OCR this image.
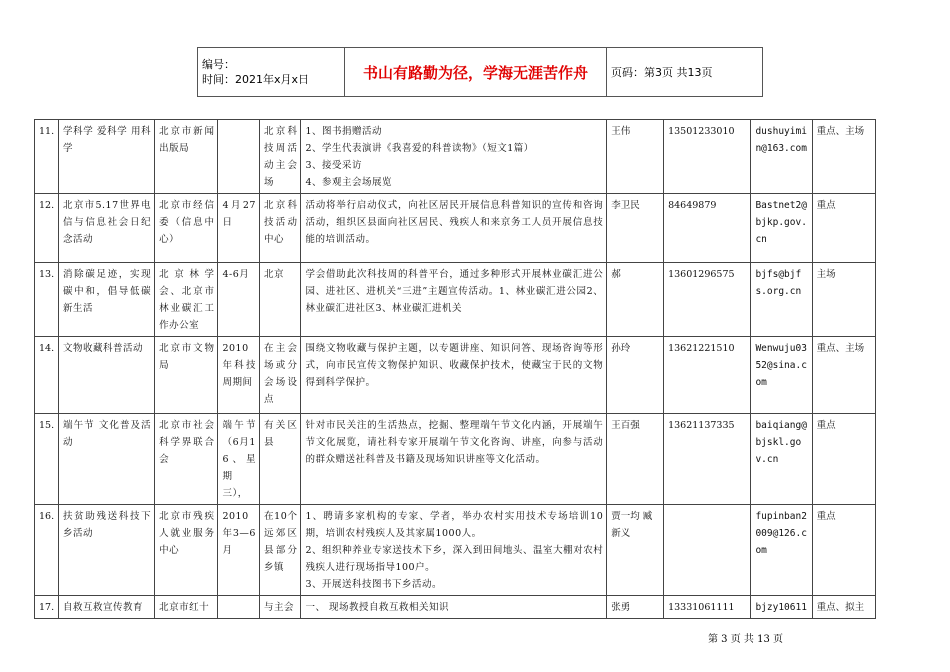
编号：
时间：2021年x月x日	书山有路勤为径，学海无涯苦作舟	页码：第3页 共13页
11.	学科学 爱科学 用科学	北京市新闻出版局		北京科技周活动主会场	1、图书捐赠活动
2、学生代表演讲《我喜爱的科普读物》（短文1篇）
3、接受采访
4、参观主会场展览	王伟	13501233010	dushuyimin@163.com	重点、主场
12.	北京市5.17世界电信与信息社会日纪念活动	北京市经信委（信息中心）	4月27日	北京科技活动中心	活动将举行启动仪式，向社区居民开展信息科普知识的宣传和咨询活动，组织区县面向社区居民、残疾人和来京务工人员开展信息技能的培训活动。	李卫民	84649879	Bastnet2@bjkp.gov.cn	重点
13.	消除碳足迹，实现碳中和，倡导低碳新生活	北京林学会、北京市林业碳汇工作办公室	4-6月	北京	学会借助此次科技周的科普平台，通过多种形式开展林业碳汇进公园、进社区、进机关“三进”主题宣传活动。1、林业碳汇进公园2、林业碳汇进社区3、林业碳汇进机关	郝	13601296575	bjfs@bjfs.org.cn	主场
14.	文物收藏科普活动	北京市文物局	2010年科技周期间	在主会场或分会场设点	围绕文物收藏与保护主题，以专题讲座、知识问答、现场咨询等形式，向市民宣传文物保护知识、收藏保护技术，使藏宝于民的文物得到科学保护。	孙玲	13621221510	Wenwuju0352@sina.com	重点、主场
15.	端午节 文化普及活动	北京市社会科学界联合会	端午节（6月16、星期三），	有关区县	针对市民关注的生活热点，挖掘、整理端午节文化内涵，开展端午节文化展览，请社科专家开展端午节文化咨询、讲座，向参与活动的群众赠送社科普及书籍及现场知识讲座等文化活动。	王百强	13621137335	baiqiang@bjskl.gov.cn	重点
16.	扶贫助残送科技下乡活动	北京市残疾人就业服务中心	2010年3—6月	在10个远郊区县部分乡镇	1、聘请多家机构的专家、学者，举办农村实用技术专场培训10期，培训农村残疾人及其家属1000人。
2、组织种养业专家送技术下乡，深入到田间地头、温室大棚对农村残疾人进行现场指导100户。
3、开展送科技图书下乡活动。	贾一均 臧新义		fupinban2009@126.com	重点
17.	自救互救宣传教育	北京市红十		与主会	一、 现场教授自救互救相关知识	张勇	13331061111	bjzy10611	重点、拟主
第 3 页 共 13 页
